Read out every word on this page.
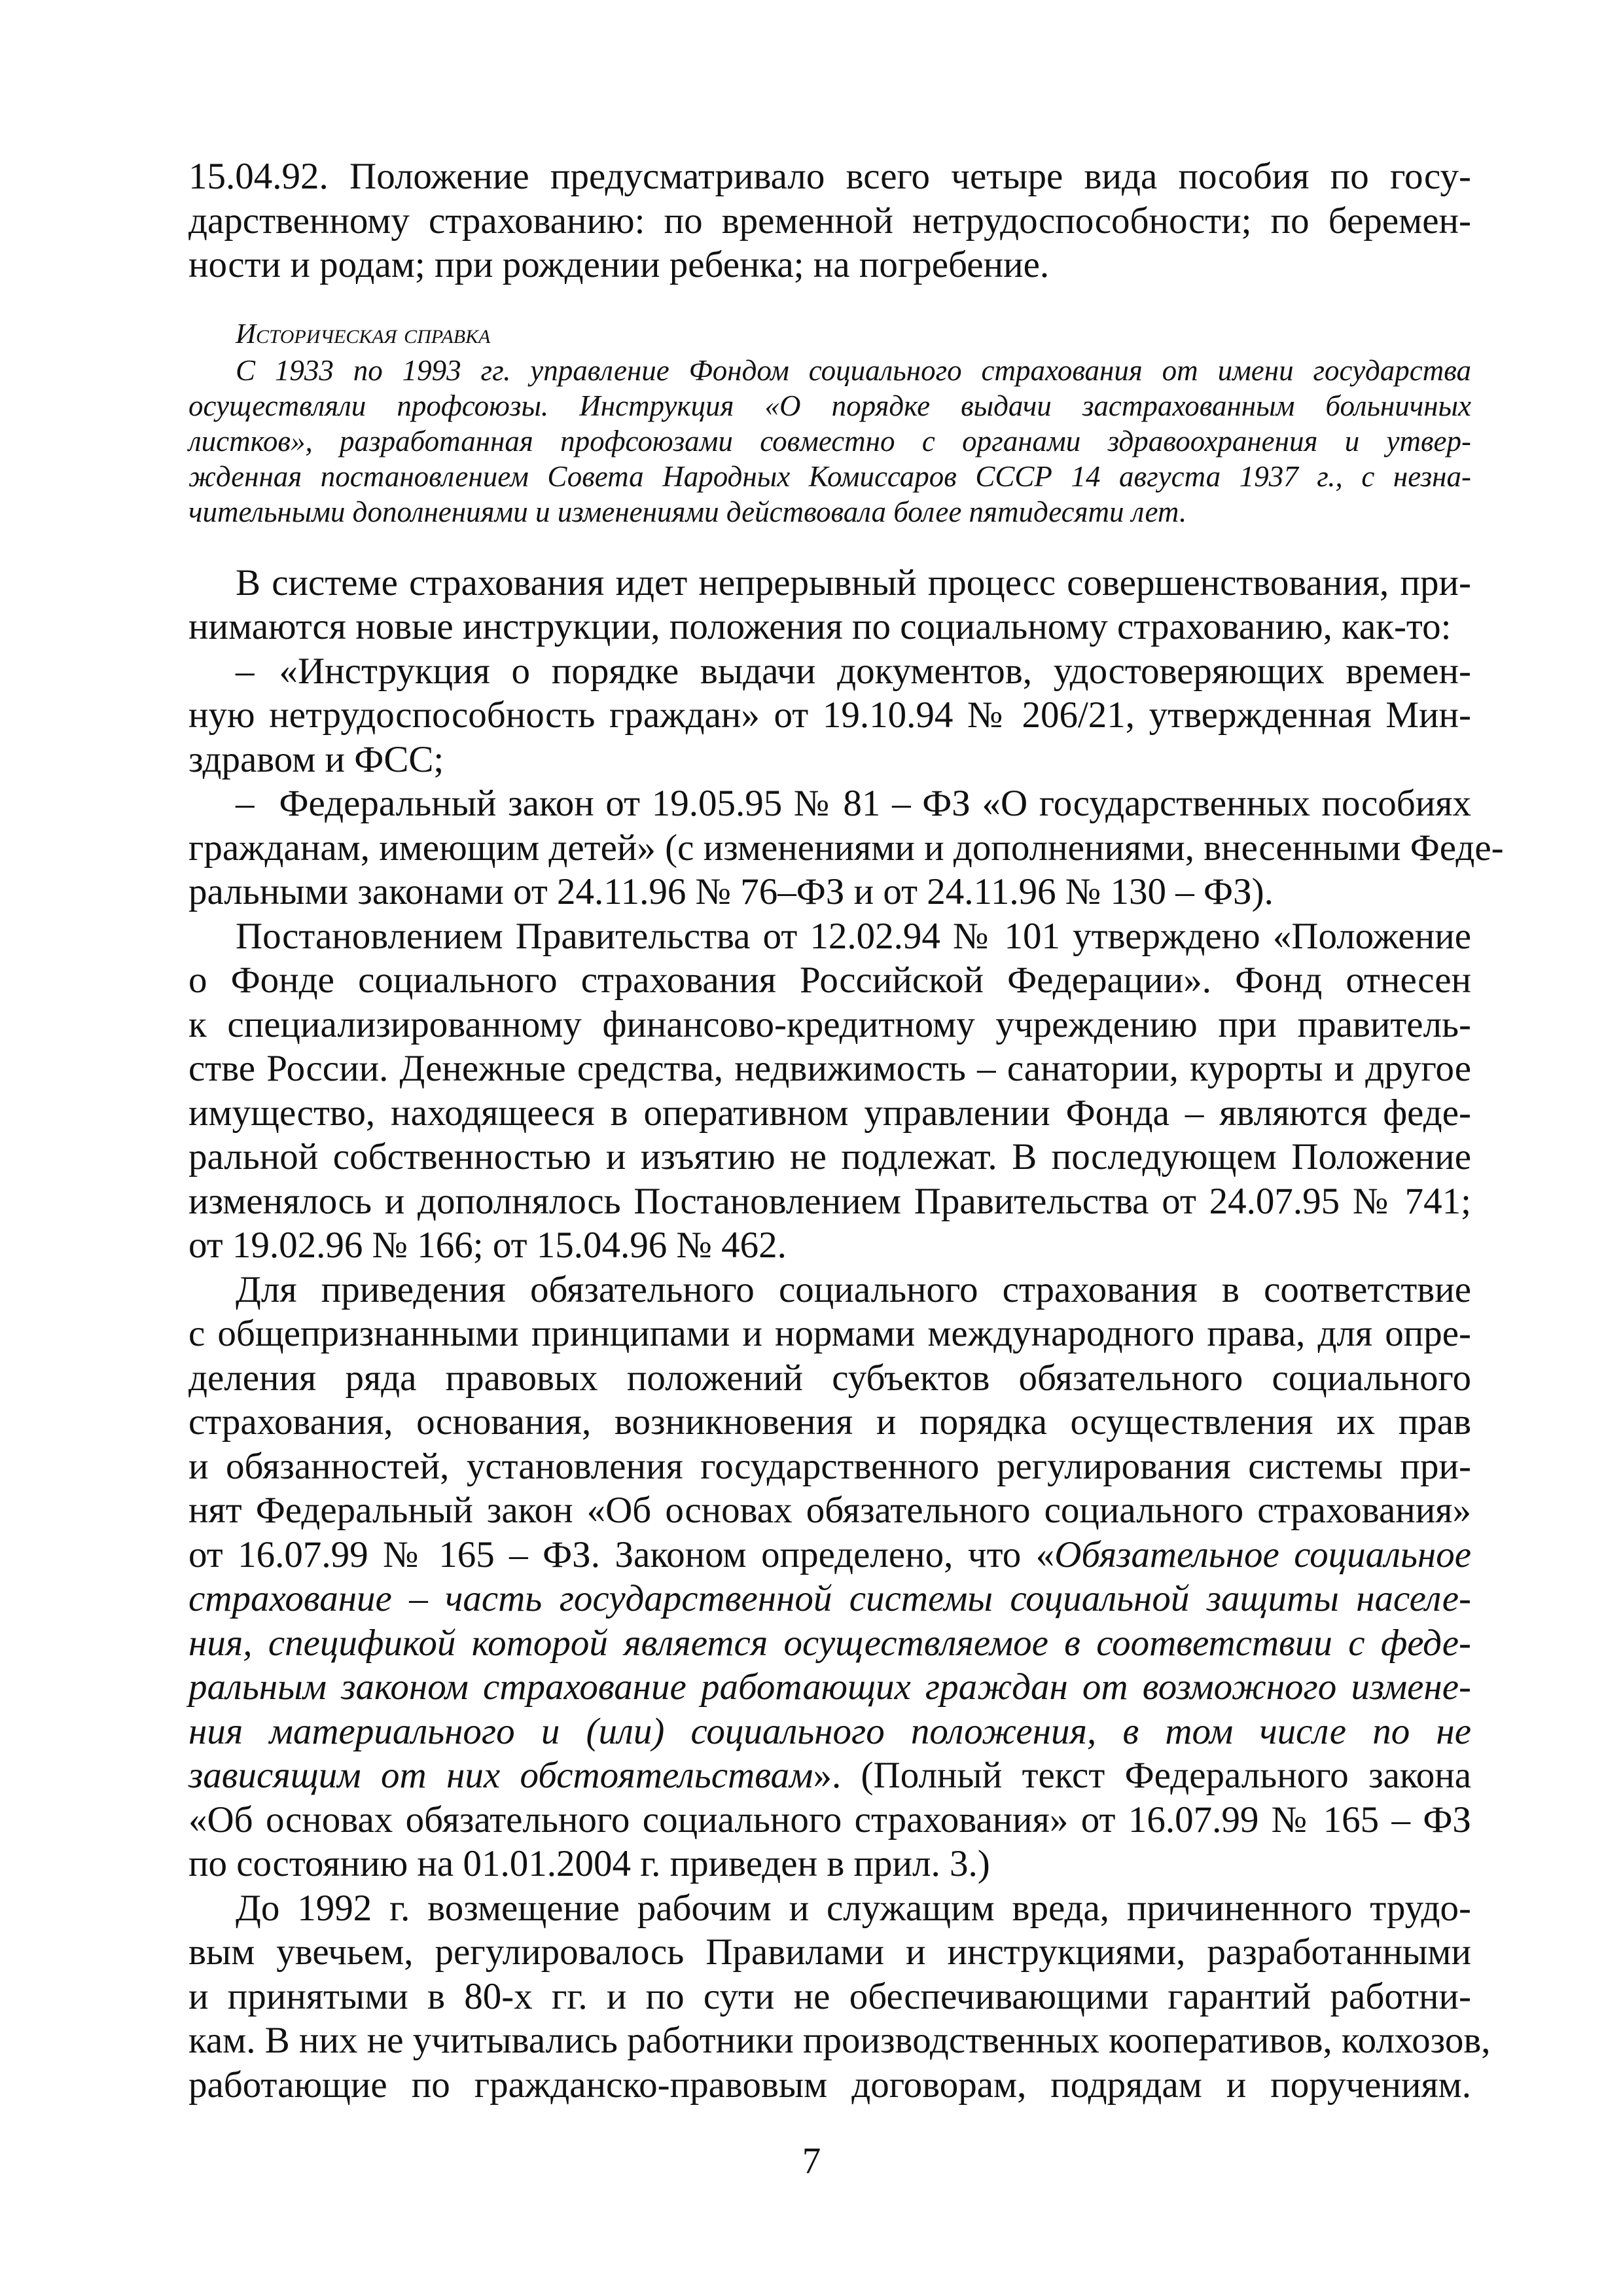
15.04.92. Положение предусматривало всего четыре вида пособия по госу-
дарственному страхованию: по временной нетрудоспособности; по беремен-
ности и родам; при рождении ребенка; на погребение.
Историческая справка
С 1933 по 1993 гг. управление Фондом социального страхования от имени государства
осуществляли профсоюзы. Инструкция «О порядке выдачи застрахованным больничных
листков», разработанная профсоюзами совместно с органами здравоохранения и утвер-
жденная постановлением Совета Народных Комиссаров СССР 14 августа 1937 г., с незна-
чительными дополнениями и изменениями действовала более пятидесяти лет.
В системе страхования идет непрерывный процесс совершенствования, при-
нимаются новые инструкции, положения по социальному страхованию, как-то:
– «Инструкция о порядке выдачи документов, удостоверяющих времен-
ную нетрудоспособность граждан» от 19.10.94 № 206/21, утвержденная Мин-
здравом и ФСС;
– Федеральный закон от 19.05.95 № 81 – ФЗ «О государственных пособиях
гражданам, имеющим детей» (с изменениями и дополнениями, внесенными Феде-
ральными законами от 24.11.96 № 76–ФЗ и от 24.11.96 № 130 – ФЗ).
Постановлением Правительства от 12.02.94 № 101 утверждено «Положение
о Фонде социального страхования Российской Федерации». Фонд отнесен
к специализированному финансово-кредитному учреждению при правитель-
стве России. Денежные средства, недвижимость – санатории, курорты и другое
имущество, находящееся в оперативном управлении Фонда – являются феде-
ральной собственностью и изъятию не подлежат. В последующем Положение
изменялось и дополнялось Постановлением Правительства от 24.07.95 № 741;
от 19.02.96 № 166; от 15.04.96 № 462.
Для приведения обязательного социального страхования в соответствие
с общепризнанными принципами и нормами международного права, для опре-
деления ряда правовых положений субъектов обязательного социального
страхования, основания, возникновения и порядка осуществления их прав
и обязанностей, установления государственного регулирования системы при-
нят Федеральный закон «Об основах обязательного социального страхования»
от 16.07.99 № 165 – ФЗ. Законом определено, что «Обязательное социальное
страхование – часть государственной системы социальной защиты населе-
ния, спецификой которой является осуществляемое в соответствии с феде-
ральным законом страхование работающих граждан от возможного измене-
ния материального и (или) социального положения, в том числе по не
зависящим от них обстоятельствам». (Полный текст Федерального закона
«Об основах обязательного социального страхования» от 16.07.99 № 165 – ФЗ
по состоянию на 01.01.2004 г. приведен в прил. 3.)
До 1992 г. возмещение рабочим и служащим вреда, причиненного трудо-
вым увечьем, регулировалось Правилами и инструкциями, разработанными
и принятыми в 80-х гг. и по сути не обеспечивающими гарантий работни-
кам. В них не учитывались работники производственных кооперативов, колхозов,
работающие по гражданско-правовым договорам, подрядам и поручениям.
7
